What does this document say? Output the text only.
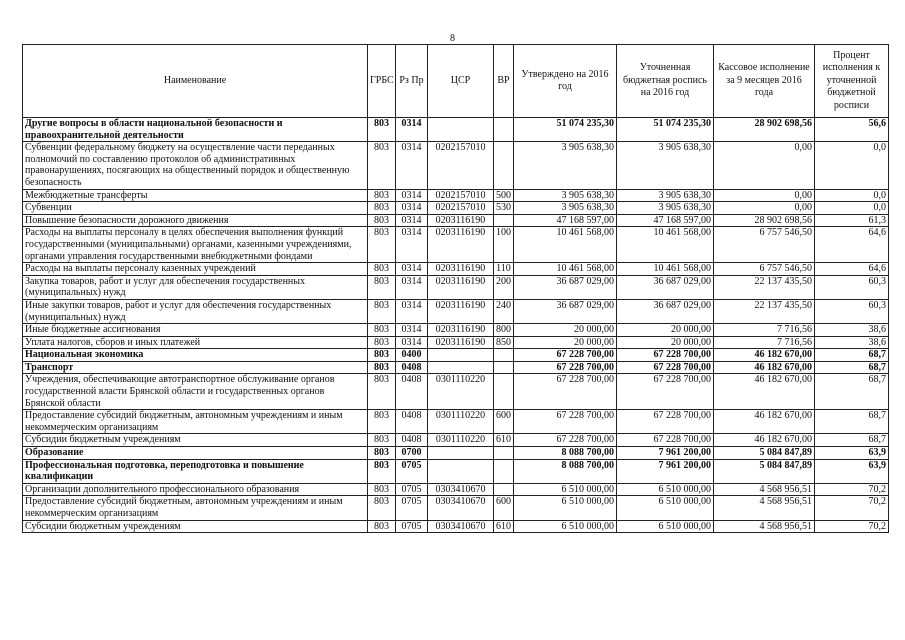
8
Наименование	ГРБС	Рз Пр	ЦСР	ВР	Утверждено на 2016 год	Уточненная бюджетная роспись на 2016 год	Кассовое исполнение за 9 месяцев 2016 года	Процент исполнения к уточненной бюджетной росписи
Другие вопросы в области национальной безопасности и правоохранительной деятельности	803	0314			51 074 235,30	51 074 235,30	28 902 698,56	56,6
Субвенции федеральному бюджету на осуществление части переданных полномочий по составлению протоколов об административных правонарушениях, посягающих на общественный порядок и общественную безопасность	803	0314	0202157010		3 905 638,30	3 905 638,30	0,00	0,0
Межбюджетные трансферты	803	0314	0202157010	500	3 905 638,30	3 905 638,30	0,00	0,0
Субвенции	803	0314	0202157010	530	3 905 638,30	3 905 638,30	0,00	0,0
Повышение безопасности дорожного движения	803	0314	0203116190		47 168 597,00	47 168 597,00	28 902 698,56	61,3
Расходы на выплаты персоналу в целях обеспечения выполнения функций государственными (муниципальными) органами, казенными учреждениями, органами управления государственными внебюджетными фондами	803	0314	0203116190	100	10 461 568,00	10 461 568,00	6 757 546,50	64,6
Расходы на выплаты персоналу казенных учреждений	803	0314	0203116190	110	10 461 568,00	10 461 568,00	6 757 546,50	64,6
Закупка товаров, работ и услуг для обеспечения государственных (муниципальных) нужд	803	0314	0203116190	200	36 687 029,00	36 687 029,00	22 137 435,50	60,3
Иные закупки товаров, работ и услуг для обеспечения государственных (муниципальных) нужд	803	0314	0203116190	240	36 687 029,00	36 687 029,00	22 137 435,50	60,3
Иные бюджетные ассигнования	803	0314	0203116190	800	20 000,00	20 000,00	7 716,56	38,6
Уплата налогов, сборов и иных платежей	803	0314	0203116190	850	20 000,00	20 000,00	7 716,56	38,6
Национальная экономика	803	0400			67 228 700,00	67 228 700,00	46 182 670,00	68,7
Транспорт	803	0408			67 228 700,00	67 228 700,00	46 182 670,00	68,7
Учреждения, обеспечивающие автотранспортное обслуживание органов государственной власти Брянской области и государственных органов Брянской области	803	0408	0301110220		67 228 700,00	67 228 700,00	46 182 670,00	68,7
Предоставление субсидий бюджетным, автономным учреждениям и иным некоммерческим организациям	803	0408	0301110220	600	67 228 700,00	67 228 700,00	46 182 670,00	68,7
Субсидии бюджетным учреждениям	803	0408	0301110220	610	67 228 700,00	67 228 700,00	46 182 670,00	68,7
Образование	803	0700			8 088 700,00	7 961 200,00	5 084 847,89	63,9
Профессиональная подготовка, переподготовка и повышение квалификации	803	0705			8 088 700,00	7 961 200,00	5 084 847,89	63,9
Организации дополнительного профессионального образования	803	0705	0303410670		6 510 000,00	6 510 000,00	4 568 956,51	70,2
Предоставление субсидий бюджетным, автономным учреждениям и иным некоммерческим организациям	803	0705	0303410670	600	6 510 000,00	6 510 000,00	4 568 956,51	70,2
Субсидии бюджетным учреждениям	803	0705	0303410670	610	6 510 000,00	6 510 000,00	4 568 956,51	70,2
